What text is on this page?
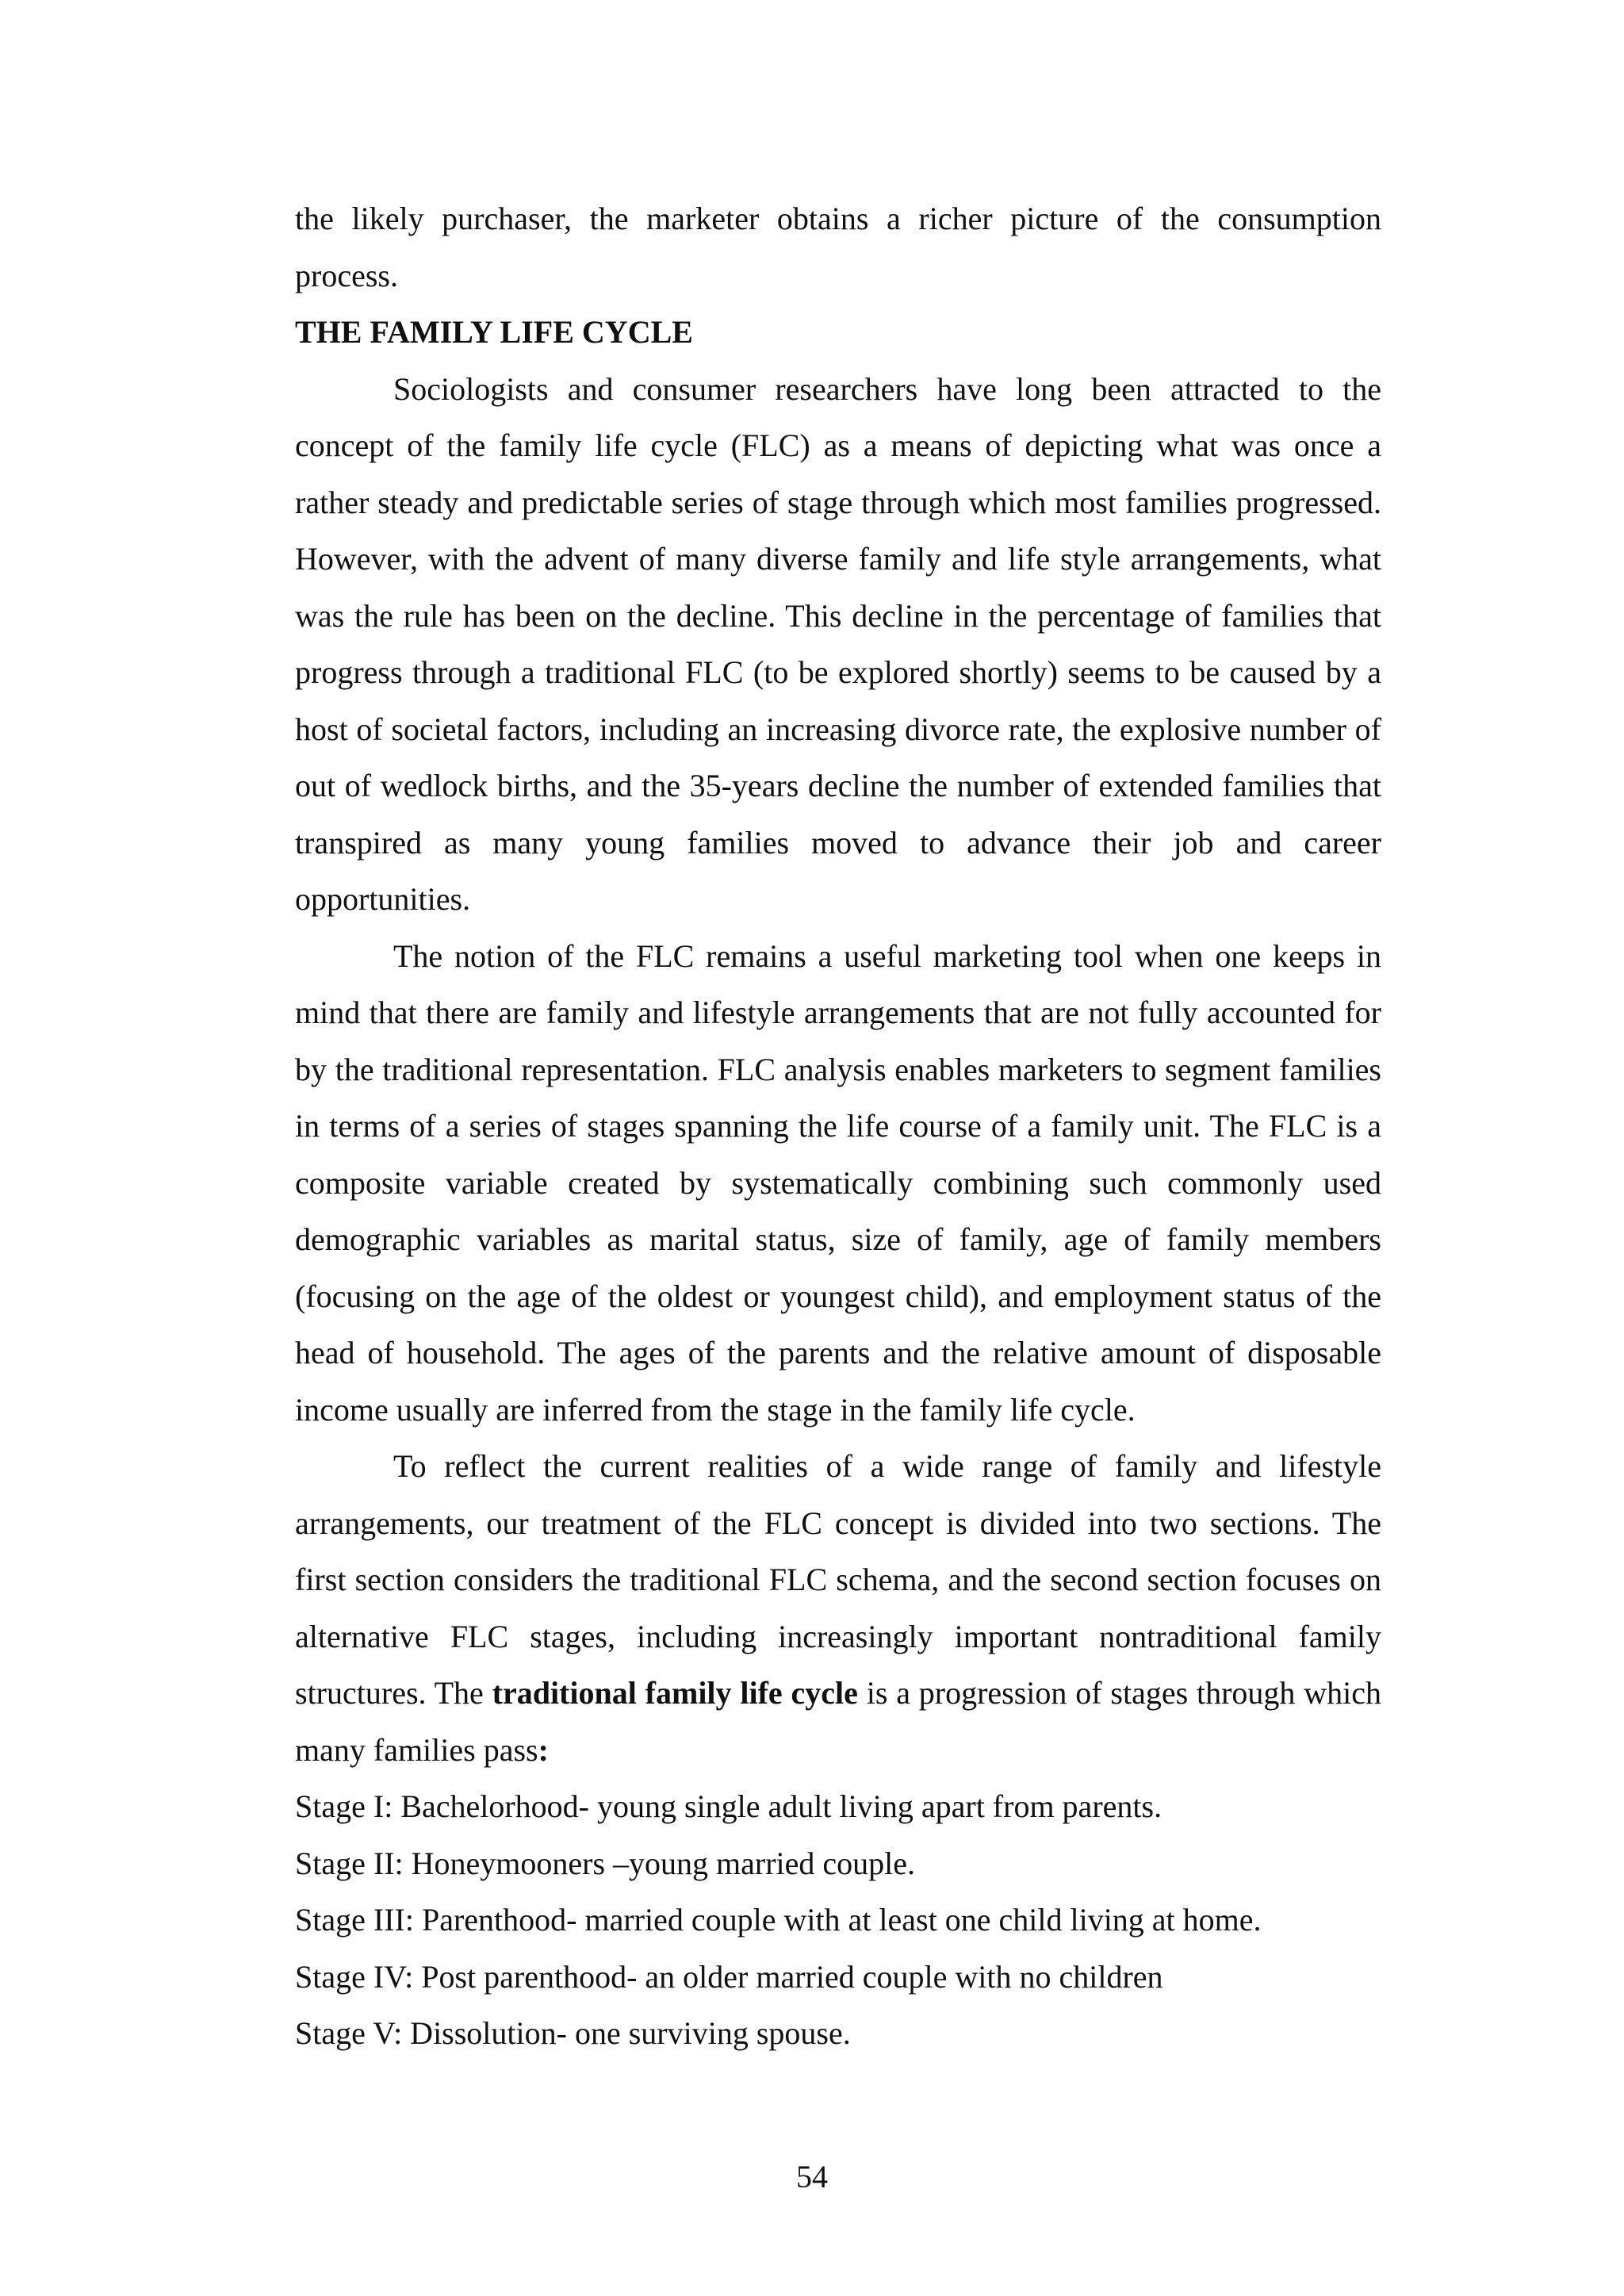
the likely purchaser, the marketer obtains a richer picture of the consumption process.

THE FAMILY LIFE CYCLE

Sociologists and consumer researchers have long been attracted to the concept of the family life cycle (FLC) as a means of depicting what was once a rather steady and predictable series of stage through which most families progressed. However, with the advent of many diverse family and life style arrangements, what was the rule has been on the decline. This decline in the percentage of families that progress through a traditional FLC (to be explored shortly) seems to be caused by a host of societal factors, including an increasing divorce rate, the explosive number of out of wedlock births, and the 35-years decline the number of extended families that transpired as many young families moved to advance their job and career opportunities.

The notion of the FLC remains a useful marketing tool when one keeps in mind that there are family and lifestyle arrangements that are not fully accounted for by the traditional representation. FLC analysis enables marketers to segment families in terms of a series of stages spanning the life course of a family unit. The FLC is a composite variable created by systematically combining such commonly used demographic variables as marital status, size of family, age of family members (focusing on the age of the oldest or youngest child), and employment status of the head of household. The ages of the parents and the relative amount of disposable income usually are inferred from the stage in the family life cycle.

To reflect the current realities of a wide range of family and lifestyle arrangements, our treatment of the FLC concept is divided into two sections. The first section considers the traditional FLC schema, and the second section focuses on alternative FLC stages, including increasingly important nontraditional family structures. The traditional family life cycle is a progression of stages through which many families pass:

Stage I: Bachelorhood- young single adult living apart from parents.

Stage II: Honeymooners –young married couple.

Stage III: Parenthood- married couple with at least one child living at home.

Stage IV: Post parenthood- an older married couple with no children

Stage V: Dissolution- one surviving spouse.

54
